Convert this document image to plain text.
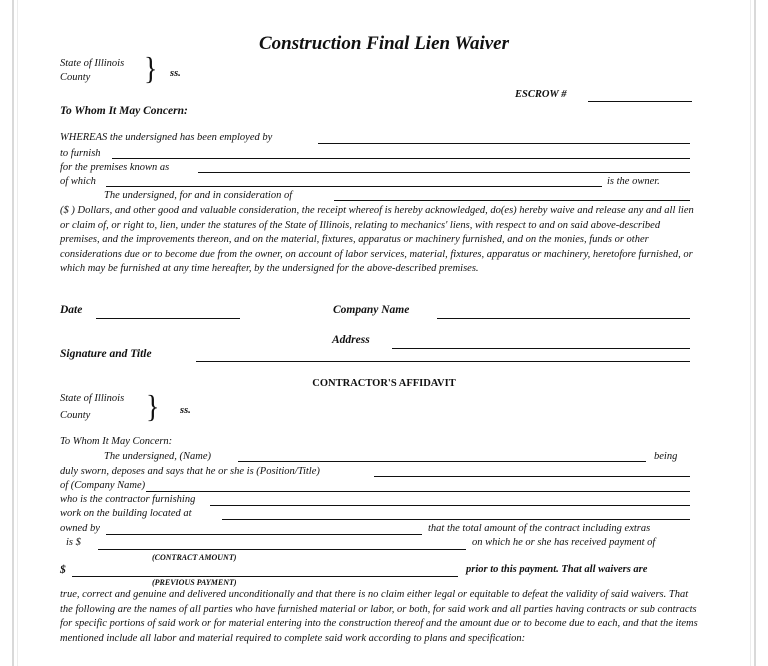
Construction Final Lien Waiver
State of Illinois
County } ss.
ESCROW #
To Whom It May Concern:
WHEREAS the undersigned has been employed by
to furnish
for the premises known as
of which	is the owner.
The undersigned, for and in consideration of
($ ) Dollars, and other good and valuable consideration, the receipt whereof is hereby acknowledged, do(es) hereby waive and release any and all lien or claim of, or right to, lien, under the statures of the State of Illinois, relating to mechanics' liens, with respect to and on said above-described premises, and the improvements thereon, and on the material, fixtures, apparatus or machinery furnished, and on the monies, funds or other considerations due or to become due from the owner, on account of labor services, material, fixtures, apparatus or machinery, heretofore furnished, or which may be furnished at any time hereafter, by the undersigned for the above-described premises.
Date	Company Name
Address
Signature and Title
CONTRACTOR'S AFFIDAVIT
State of Illinois
County } ss.
To Whom It May Concern:
The undersigned, (Name)	being
duly sworn, deposes and says that he or she is (Position/Title)
of (Company Name)
who is the contractor furnishing
work on the building located at
owned by	that the total amount of the contract including extras
is $	on which he or she has received payment of
(CONTRACT AMOUNT)
$	prior to this payment. That all waivers are
(PREVIOUS PAYMENT)
true, correct and genuine and delivered unconditionally and that there is no claim either legal or equitable to defeat the validity of said waivers. That the following are the names of all parties who have furnished material or labor, or both, for said work and all parties having contracts or sub contracts for specific portions of said work or for material entering into the construction thereof and the amount due or to become due to each, and that the items mentioned include all labor and material required to complete said work according to plans and specification:
